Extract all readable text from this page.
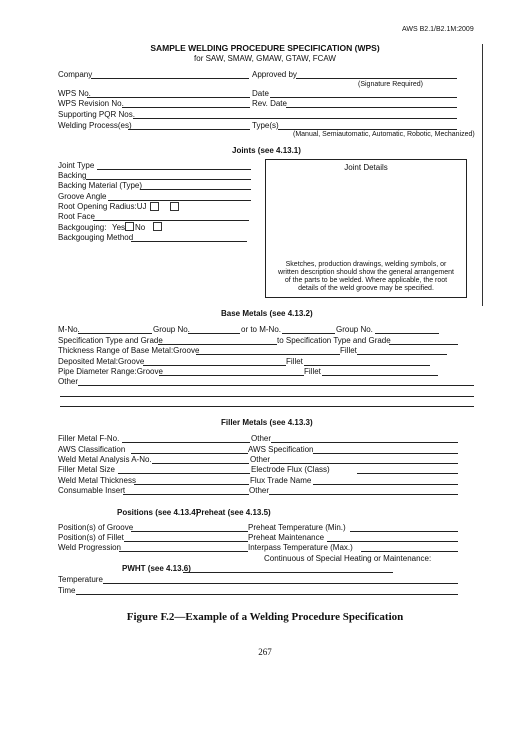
AWS B2.1/B2.1M:2009
SAMPLE WELDING PROCEDURE SPECIFICATION (WPS)
for SAW, SMAW, GMAW, GTAW, FCAW
Company	Approved by
(Signature Required)
WPS No.	Date
WPS Revision No.	Rev. Date
Supporting PQR Nos.
Welding Process(es)	Type(s)
(Manual, Semiautomatic, Automatic, Robotic, Mechanized)
Joints (see 4.13.1)
Joint Type
Backing
Backing Material (Type)
Groove Angle
Root Opening Radius:UJ
Root Face
Backgouging: Yes No
Backgouging Method
Joint Details
Sketches, production drawings, welding symbols, or written description should show the general arrangement of the parts to be welded. Where applicable, the root details of the weld groove may be specified.
Base Metals (see 4.13.2)
M-No.	Group No.	or to M-No.	Group No.
Specification Type and Grade	to Specification Type and Grade
Thickness Range of Base Metal:Groove	Fillet
Deposited Metal:Groove	Fillet
Pipe Diameter Range:Groove	Fillet
Other
Filler Metals (see 4.13.3)
Filler Metal F-No.	Other
AWS Classification	AWS Specification
Weld Metal Analysis A-No.	Other
Filler Metal Size	Electrode Flux (Class)
Weld Metal Thickness	Flux Trade Name
Consumable Insert	Other
Positions (see 4.13.4)
Preheat (see 4.13.5)
Position(s) of Groove	Preheat Temperature (Min.)
Position(s) of Fillet	Preheat Maintenance
Weld Progression	Interpass Temperature (Max.)
Continuous of Special Heating or Maintenance:
PWHT (see 4.13.6)
Temperature
Time
Figure F.2—Example of a Welding Procedure Specification
267
